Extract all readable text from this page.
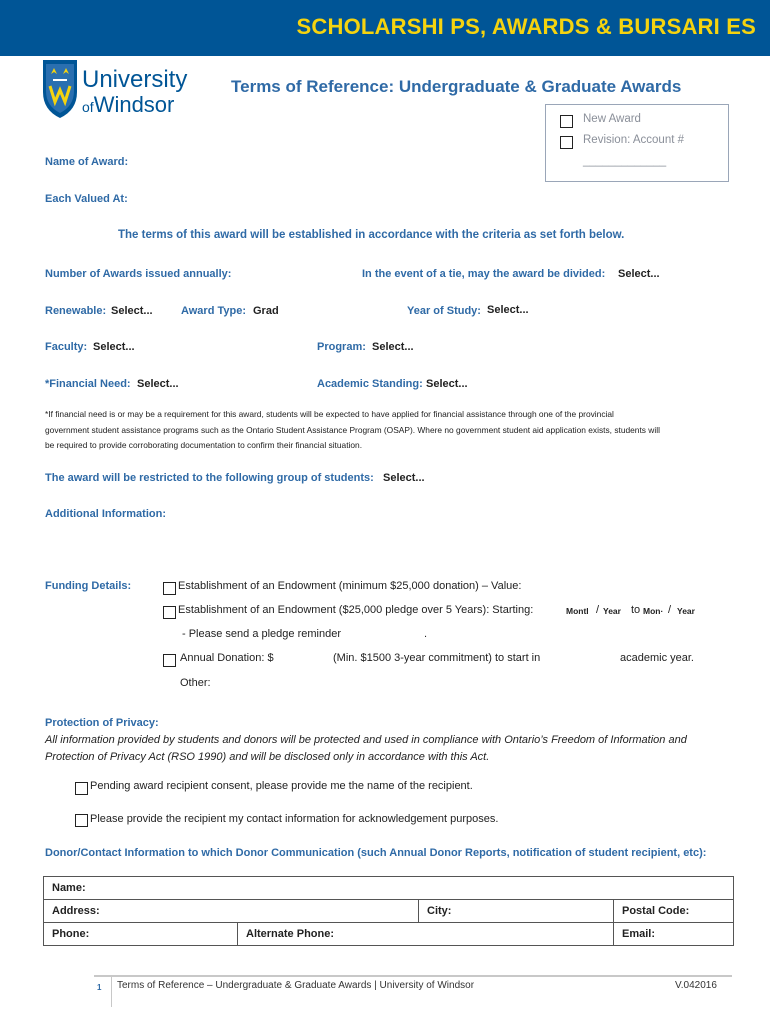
SCHOLARSHI PS, AWARDS & BURSARI ES
University
ofWindsor
Terms of Reference: Undergraduate & Graduate Awards
New Award
Revision: Account #
_____________
Name of Award:
Each Valued At:
The terms of this award will be established in accordance with the criteria as set forth below.
Number of Awards issued annually:	In the event of a tie, may the award be divided: Select...
Renewable: Select...	Award Type: Grad	Year of Study: Select...
Faculty: Select...	Program: Select...
*Financial Need: Select...	Academic Standing: Select...
*If financial need is or may be a requirement for this award, students will be expected to have applied for financial assistance through one of the provincial
government student assistance programs such as the Ontario Student Assistance Program (OSAP). Where no government student aid application exists, students will
be required to provide corroborating documentation to confirm their financial situation.
The award will be restricted to the following group of students: Select...
Additional Information:
Funding Details:	Establishment of an Endowment (minimum $25,000 donation) – Value:
Establishment of an Endowment ($25,000 pledge over 5 Years): Starting:	Montl / Year to Mon· / Year
- Please send a pledge reminder	.
Annual Donation: $	(Min. $1500 3-year commitment) to start in	academic year.
Other:
Protection of Privacy:
All information provided by students and donors will be protected and used in compliance with Ontario’s Freedom of Information and
Protection of Privacy Act (RSO 1990) and will be disclosed only in accordance with this Act.
Pending award recipient consent, please provide me the name of the recipient.
Please provide the recipient my contact information for acknowledgement purposes.
Donor/Contact Information to which Donor Communication (such Annual Donor Reports, notification of student recipient, etc):
Name:			
Address:		City:	Postal Code:
Phone:	Alternate Phone:		Email:
1 Terms of Reference – Undergraduate & Graduate Awards | University of Windsor	V.042016
